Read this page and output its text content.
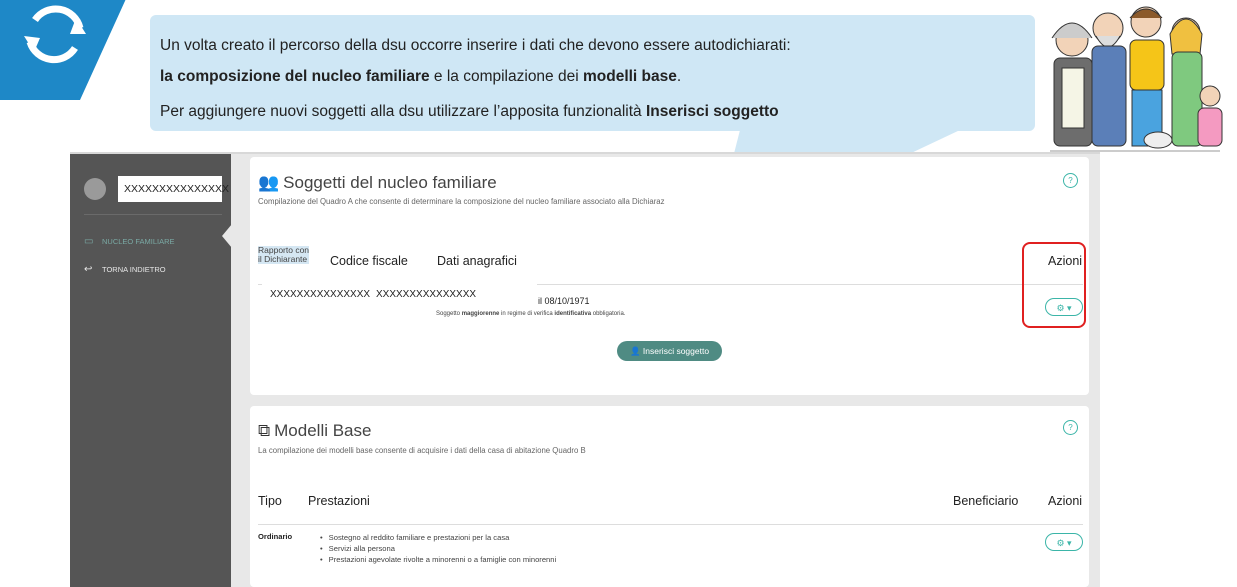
Un volta creato il percorso della dsu occorre inserire i dati che devono essere autodichiarati:

la composizione del nucleo familiare e la compilazione dei modelli base.

Per aggiungere nuovi soggetti alla dsu utilizzare l’apposita funzionalità Inserisci soggetto

XXXXXXXXXXXXXXX
▭ NUCLEO FAMILIARE
↩ TORNA INDIETRO
👥 Soggetti del nucleo familiare
Compilazione del Quadro A che consente di determinare la composizione del nucleo familiare associato alla Dichiaraz
?
Rapporto con
il Dichiarante Codice fiscale Dati anagrafici	Azioni
XXXXXXXXXXXXXXX XXXXXXXXXXXXXXX
il 08/10/1971
Soggetto maggiorenne in regime di verifica identificativa obbligatoria.
⚙ ▾
👤 Inserisci soggetto
⧉ Modelli Base
La compilazione dei modelli base consente di acquisire i dati della casa di abitazione Quadro B
?
Tipo Prestazioni	Beneficiario Azioni
Ordinario
•	Sostegno al reddito familiare e prestazioni per la casa
• Servizi alla persona
• Prestazioni agevolate rivolte a minorenni o a famiglie con minorenni
⚙ ▾
